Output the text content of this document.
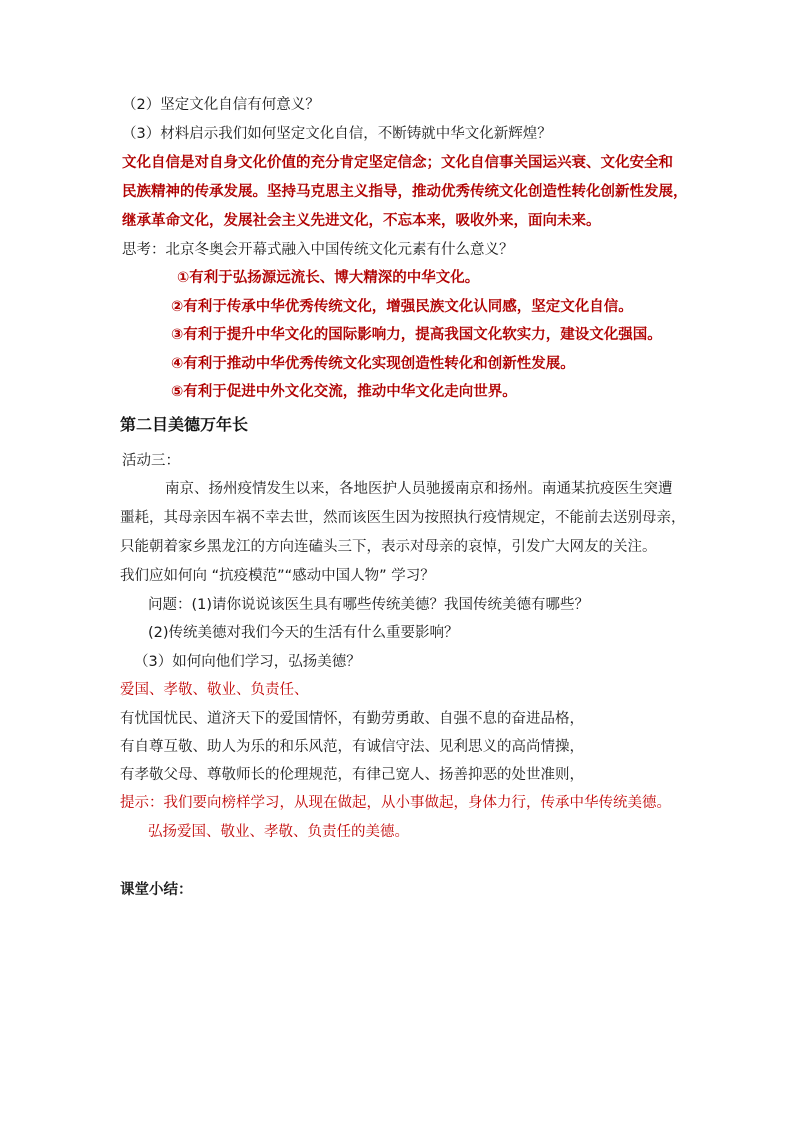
（2）坚定文化自信有何意义？
（3）材料启示我们如何坚定文化自信，不断铸就中华文化新辉煌？
文化自信是对自身文化价值的充分肯定坚定信念；文化自信事关国运兴衰、文化安全和
民族精神的传承发展。坚持马克思主义指导，推动优秀传统文化创造性转化创新性发展，
继承革命文化，发展社会主义先进文化，不忘本来，吸收外来，面向未来。
思考：北京冬奥会开幕式融入中国传统文化元素有什么意义？
①有利于弘扬源远流长、博大精深的中华文化。
②有利于传承中华优秀传统文化，增强民族文化认同感，坚定文化自信。
③有利于提升中华文化的国际影响力，提高我国文化软实力，建设文化强国。
④有利于推动中华优秀传统文化实现创造性转化和创新性发展。
⑤有利于促进中外文化交流，推动中华文化走向世界。
第二目美德万年长
活动三：
南京、扬州疫情发生以来，各地医护人员驰援南京和扬州。南通某抗疫医生突遭
噩耗，其母亲因车祸不幸去世，然而该医生因为按照执行疫情规定，不能前去送别母亲，
只能朝着家乡黑龙江的方向连磕头三下，表示对母亲的哀悼，引发广大网友的关注。
我们应如何向 “抗疫模范”“感动中国人物” 学习？
问题：(1)请你说说该医生具有哪些传统美德？我国传统美德有哪些？
(2)传统美德对我们今天的生活有什么重要影响？
（3）如何向他们学习，弘扬美德？
爱国、孝敬、敬业、负责任、
有忧国忧民、道济天下的爱国情怀，有勤劳勇敢、自强不息的奋进品格，
有自尊互敬、助人为乐的和乐风范，有诚信守法、见利思义的高尚情操，
有孝敬父母、尊敬师长的伦理规范，有律己宽人、扬善抑恶的处世准则，
提示：我们要向榜样学习，从现在做起，从小事做起，身体力行，传承中华传统美德。
弘扬爱国、敬业、孝敬、负责任的美德。
课堂小结：
